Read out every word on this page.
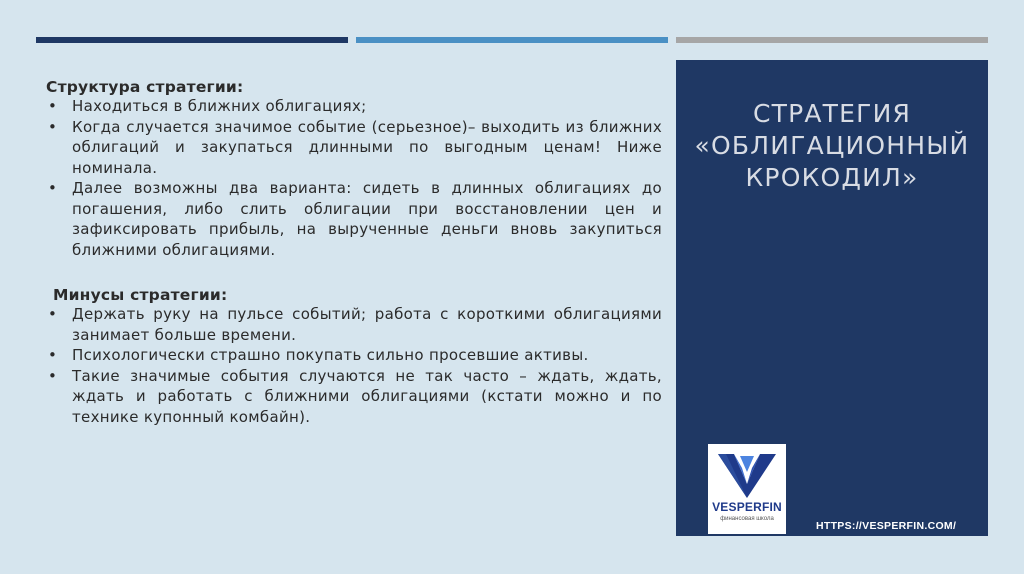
Структура стратегии:

• Находиться в ближних облигациях;
• Когда случается значимое событие (серьезное)– выходить из ближних облигаций и закупаться длинными по выгодным ценам! Ниже номинала.
• Далее возможны два варианта: сидеть в длинных облигациях до погашения, либо слить облигации при восстановлении цен и зафиксировать прибыль, на вырученные деньги вновь закупиться ближними облигациями.

Минусы стратегии:

• Держать руку на пульсе событий; работа с короткими облигациями занимает больше времени.
• Психологически страшно покупать сильно просевшие активы.
• Такие значимые события случаются не так часто – ждать, ждать, ждать и работать с ближними облигациями (кстати можно и по технике купонный комбайн).
СТРАТЕГИЯ
«ОБЛИГАЦИОННЫЙ
КРОКОДИЛ»
VESPERFIN
финансовая школа
HTTPS://VESPERFIN.COM/
